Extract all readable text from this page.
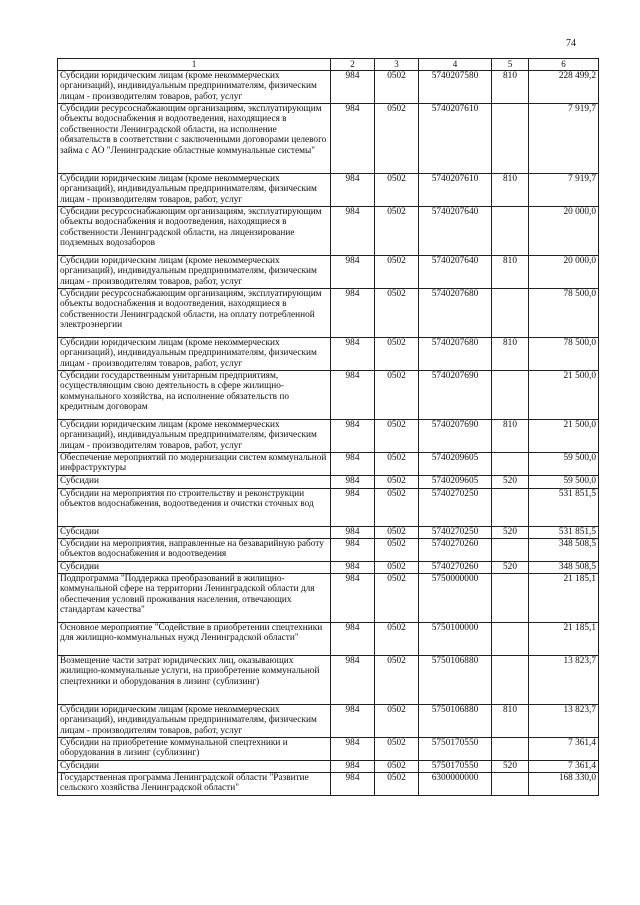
74
1	2	3	4	5	6
Субсидии юридическим лицам (кроме некоммерческих организаций), индивидуальным предпринимателям, физическим лицам - производителям товаров, работ, услуг	984	0502	5740207580	810	228 499,2
Субсидии ресурсоснабжающим организациям, эксплуатирующим объекты водоснабжения и водоотведения, находящиеся в собственности Ленинградской области, на исполнение обязательств в соответствии с заключенными договорами целевого займа с АО "Ленинградские областные коммунальные системы"	984	0502	5740207610		7 919,7
Субсидии юридическим лицам (кроме некоммерческих организаций), индивидуальным предпринимателям, физическим лицам - производителям товаров, работ, услуг	984	0502	5740207610	810	7 919,7
Субсидии ресурсоснабжающим организациям, эксплуатирующим объекты водоснабжения и водоотведения, находящиеся в собственности Ленинградской области, на лицензирование подземных водозаборов	984	0502	5740207640		20 000,0
Субсидии юридическим лицам (кроме некоммерческих организаций), индивидуальным предпринимателям, физическим лицам - производителям товаров, работ, услуг	984	0502	5740207640	810	20 000,0
Субсидии ресурсоснабжающим организациям, эксплуатирующим объекты водоснабжения и водоотведения, находящиеся в собственности Ленинградской области, на оплату потребленной электроэнергии	984	0502	5740207680		78 500,0
Субсидии юридическим лицам (кроме некоммерческих организаций), индивидуальным предпринимателям, физическим лицам - производителям товаров, работ, услуг	984	0502	5740207680	810	78 500,0
Субсидии государственным унитарным предприятиям, осуществляющим свою деятельность в сфере жилищно-коммунального хозяйства, на исполнение обязательств по кредитным договорам	984	0502	5740207690		21 500,0
Субсидии юридическим лицам (кроме некоммерческих организаций), индивидуальным предпринимателям, физическим лицам - производителям товаров, работ, услуг	984	0502	5740207690	810	21 500,0
Обеспечение мероприятий по модернизации систем коммунальной инфраструктуры	984	0502	5740209605		59 500,0
Субсидии	984	0502	5740209605	520	59 500,0
Субсидии на мероприятия по строительству и реконструкции объектов водоснабжения, водоотведения и очистки сточных вод	984	0502	5740270250		531 851,5
Субсидии	984	0502	5740270250	520	531 851,5
Субсидии на мероприятия, направленные на безаварийную работу объектов водоснабжения и водоотведения	984	0502	5740270260		348 508,5
Субсидии	984	0502	5740270260	520	348 508,5
Подпрограмма "Поддержка преобразований в жилищно-коммунальной сфере на территории Ленинградской области для обеспечения условий проживания населения, отвечающих стандартам качества"	984	0502	5750000000		21 185,1
Основное мероприятие "Содействие в приобретении спецтехники для жилищно-коммунальных нужд Ленинградской области"	984	0502	5750100000		21 185,1
Возмещение части затрат юридических лиц, оказывающих жилищно-коммунальные услуги, на приобретение коммунальной спецтехники и оборудования в лизинг (сублизинг)	984	0502	5750106880		13 823,7
Субсидии юридическим лицам (кроме некоммерческих организаций), индивидуальным предпринимателям, физическим лицам - производителям товаров, работ, услуг	984	0502	5750106880	810	13 823,7
Субсидии на приобретение коммунальной спецтехники и оборудования в лизинг (сублизинг)	984	0502	5750170550		7 361,4
Субсидии	984	0502	5750170550	520	7 361,4
Государственная программа Ленинградской области "Развитие сельского хозяйства Ленинградской области"	984	0502	6300000000		168 330,0
